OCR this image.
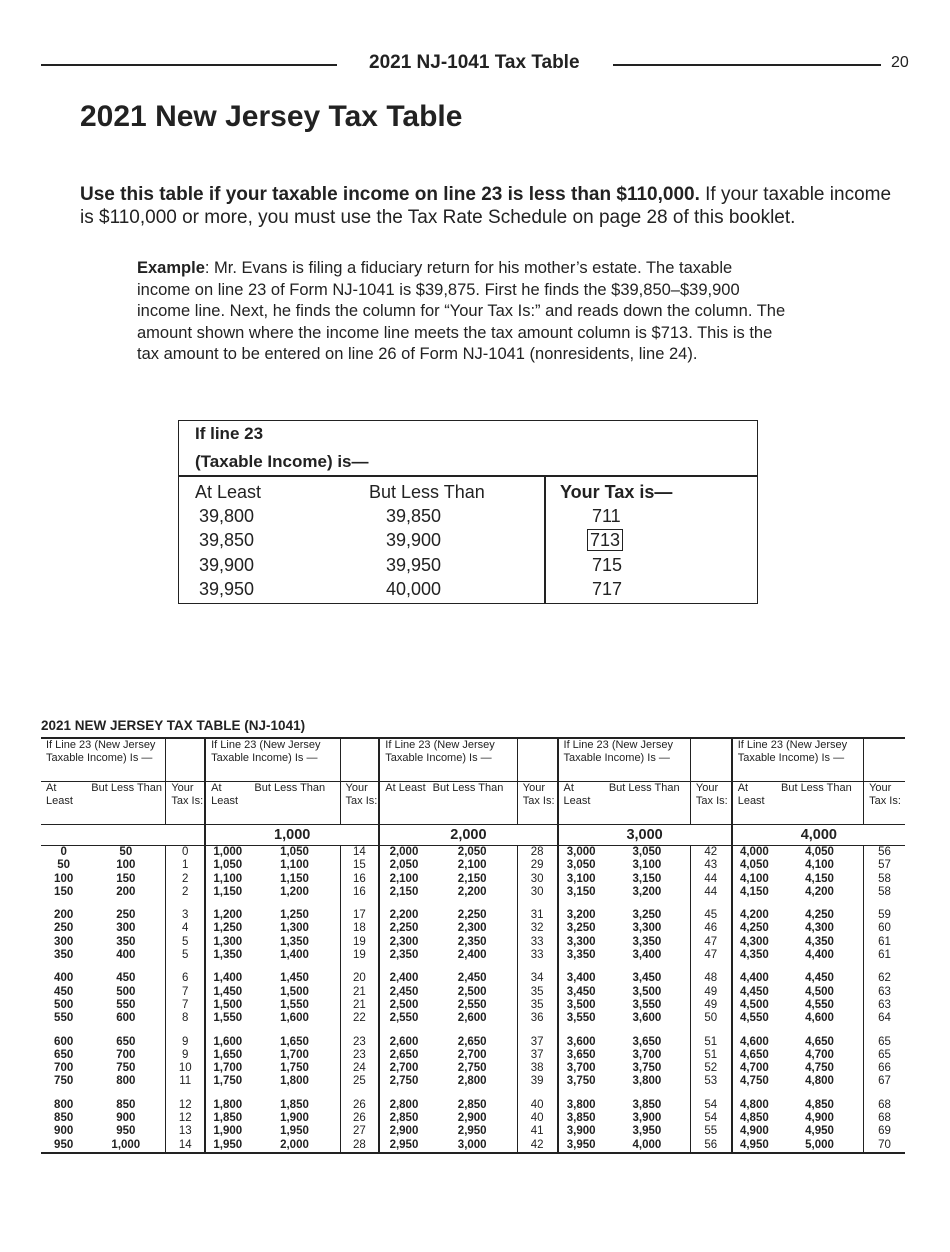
2021 NJ-1041 Tax Table	20
2021 New Jersey Tax Table

Use this table if your taxable income on line 23 is less than $110,000. If your taxable income is $110,000 or more, you must use the Tax Rate Schedule on page 28 of this booklet.

Example: Mr. Evans is filing a fiduciary return for his mother’s estate. The taxable income on line 23 of Form NJ-1041 is $39,875. First he finds the $39,850–$39,900 income line. Next, he finds the column for “Your Tax Is:” and reads down the column. The amount shown where the income line meets the tax amount column is $713. This is the tax amount to be entered on line 26 of Form NJ-1041 (nonresidents, line 24).

If line 23
(Taxable Income) is—
At Least	But Less Than	Your Tax is—
39,800	39,850	711
39,850	39,900	713
39,900	39,950	715
39,950	40,000	717
2021 NEW JERSEY TAX TABLE (NJ-1041)
If Line 23 (New Jersey Taxable Income) Is —			If Line 23 (New Jersey Taxable Income) Is —			If Line 23 (New Jersey Taxable Income) Is —			If Line 23 (New Jersey Taxable Income) Is —			If Line 23 (New Jersey Taxable Income) Is —		
At Least	But Less Than	Your Tax Is:	At Least	But Less Than	Your Tax Is:	At Least	But Less Than	Your Tax Is:	At Least	But Less Than	Your Tax Is:	At Least	But Less Than	Your Tax Is:
			1,000			2,000			3,000			4,000		
0	50	0	1,000	1,050	14	2,000	2,050	28	3,000	3,050	42	4,000	4,050	56
50	100	1	1,050	1,100	15	2,050	2,100	29	3,050	3,100	43	4,050	4,100	57
100	150	2	1,100	1,150	16	2,100	2,150	30	3,100	3,150	44	4,100	4,150	58
150	200	2	1,150	1,200	16	2,150	2,200	30	3,150	3,200	44	4,150	4,200	58

200	250	3	1,200	1,250	17	2,200	2,250	31	3,200	3,250	45	4,200	4,250	59
250	300	4	1,250	1,300	18	2,250	2,300	32	3,250	3,300	46	4,250	4,300	60
300	350	5	1,300	1,350	19	2,300	2,350	33	3,300	3,350	47	4,300	4,350	61
350	400	5	1,350	1,400	19	2,350	2,400	33	3,350	3,400	47	4,350	4,400	61

400	450	6	1,400	1,450	20	2,400	2,450	34	3,400	3,450	48	4,400	4,450	62
450	500	7	1,450	1,500	21	2,450	2,500	35	3,450	3,500	49	4,450	4,500	63
500	550	7	1,500	1,550	21	2,500	2,550	35	3,500	3,550	49	4,500	4,550	63
550	600	8	1,550	1,600	22	2,550	2,600	36	3,550	3,600	50	4,550	4,600	64

600	650	9	1,600	1,650	23	2,600	2,650	37	3,600	3,650	51	4,600	4,650	65
650	700	9	1,650	1,700	23	2,650	2,700	37	3,650	3,700	51	4,650	4,700	65
700	750	10	1,700	1,750	24	2,700	2,750	38	3,700	3,750	52	4,700	4,750	66
750	800	11	1,750	1,800	25	2,750	2,800	39	3,750	3,800	53	4,750	4,800	67

800	850	12	1,800	1,850	26	2,800	2,850	40	3,800	3,850	54	4,800	4,850	68
850	900	12	1,850	1,900	26	2,850	2,900	40	3,850	3,900	54	4,850	4,900	68
900	950	13	1,900	1,950	27	2,900	2,950	41	3,900	3,950	55	4,900	4,950	69
950	1,000	14	1,950	2,000	28	2,950	3,000	42	3,950	4,000	56	4,950	5,000	70
